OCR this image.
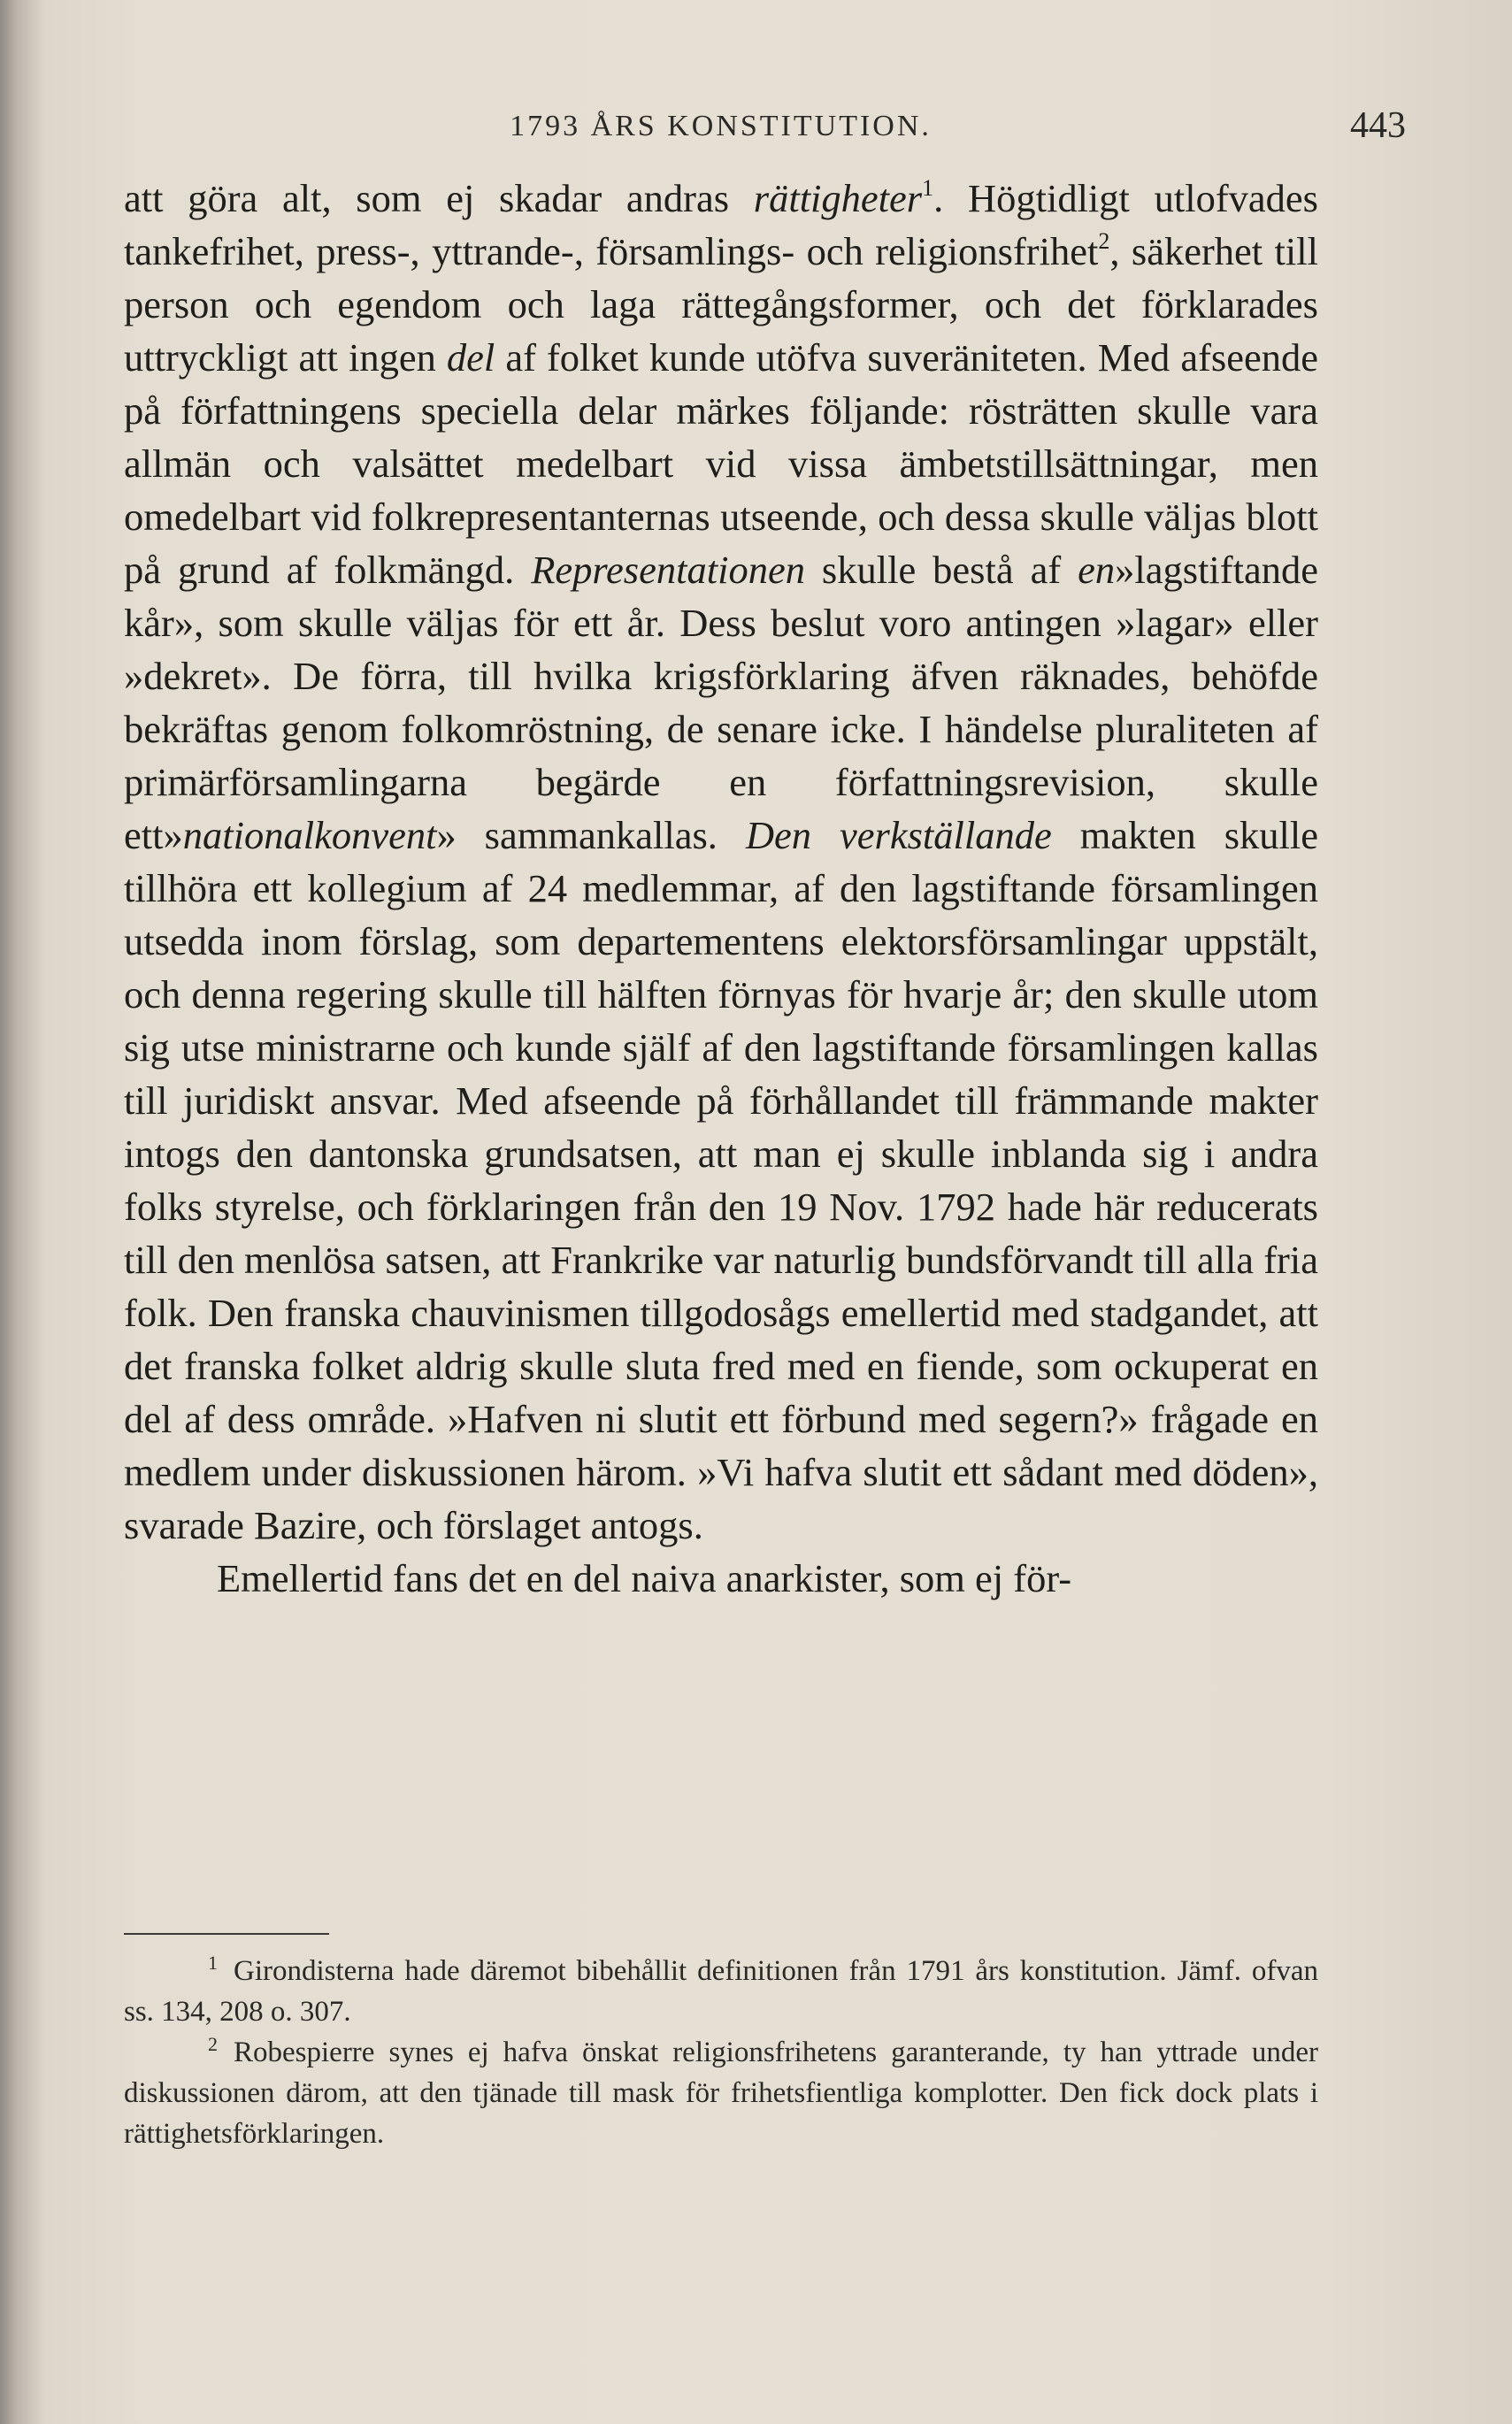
1793 ÅRS KONSTITUTION.	443

att göra alt, som ej skadar andras rättigheter$^1$. Högtidligt utlofvades tankefrihet, press-, yttrande-, församlings- och religionsfrihet$^2$, säkerhet till person och egendom och laga rättegångsformer, och det förklarades uttryckligt att ingen del af folket kunde utöfva suveräniteten. Med afseende på författningens speciella delar märkes följande: rösträtten skulle vara allmän och valsättet medelbart vid vissa ämbetstillsättningar, men omedelbart vid folkrepresentanternas utseende, och dessa skulle väljas blott på grund af folkmängd. Representationen skulle bestå af en»lagstiftande kår», som skulle väljas för ett år. Dess beslut voro antingen »lagar» eller »dekret». De förra, till hvilka krigsförklaring äfven räknades, behöfde bekräftas genom folkomröstning, de senare icke. I händelse pluraliteten af primärförsamlingarna begärde en författningsrevision, skulle ett»nationalkonvent» sammankallas. Den verkställande makten skulle tillhöra ett kollegium af 24 medlemmar, af den lagstiftande församlingen utsedda inom förslag, som departementens elektorsförsamlingar uppstält, och denna regering skulle till hälften förnyas för hvarje år; den skulle utom sig utse ministrarne och kunde själf af den lagstiftande församlingen kallas till juridiskt ansvar. Med afseende på förhållandet till främmande makter intogs den dantonska grundsatsen, att man ej skulle inblanda sig i andra folks styrelse, och förklaringen från den 19 Nov. 1792 hade här reducerats till den menlösa satsen, att Frankrike var naturlig bundsförvandt till alla fria folk. Den franska chauvinismen tillgodosågs emellertid med stadgandet, att det franska folket aldrig skulle sluta fred med en fiende, som ockuperat en del af dess område. »Hafven ni slutit ett förbund med segern?» frågade en medlem under diskussionen härom. »Vi hafva slutit ett sådant med döden», svarade Bazire, och förslaget antogs.

Emellertid fans det en del naiva anarkister, som ej för-

$^1$ Girondisterna hade däremot bibehållit definitionen från 1791 års konstitution. Jämf. ofvan ss. 134, 208 o. 307.

$^2$ Robespierre synes ej hafva önskat religionsfrihetens garanterande, ty han yttrade under diskussionen därom, att den tjänade till mask för frihetsfientliga komplotter. Den fick dock plats i rättighetsförklaringen.
